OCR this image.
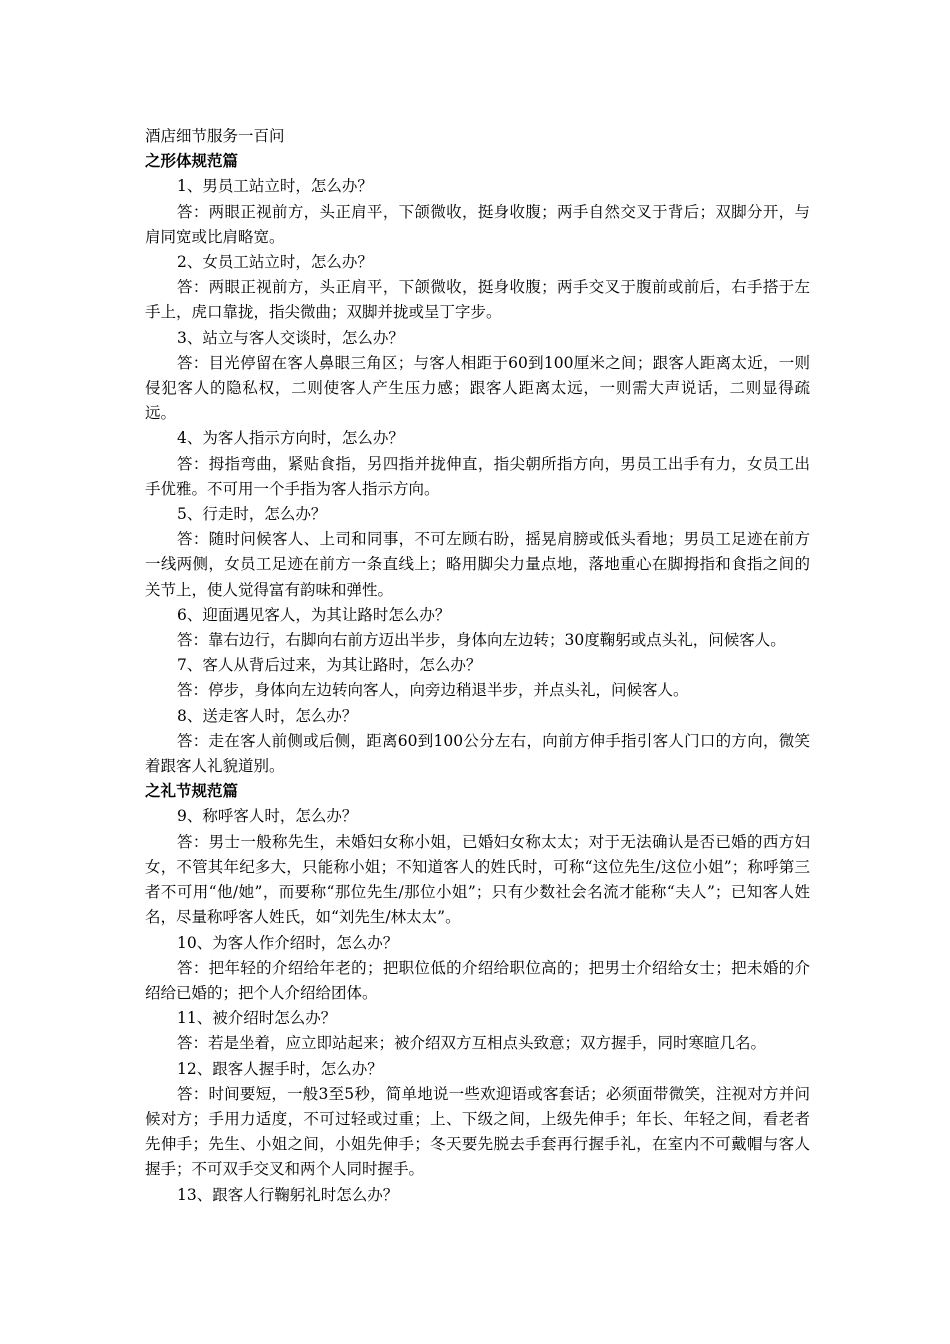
酒店细节服务一百问

之形体规范篇

1、男员工站立时，怎么办？

答：两眼正视前方，头正肩平，下颌微收，挺身收腹；两手自然交叉于背后；双脚分开，与肩同宽或比肩略宽。

2、女员工站立时，怎么办？

答：两眼正视前方，头正肩平，下颌微收，挺身收腹；两手交叉于腹前或前后，右手搭于左手上，虎口靠拢，指尖微曲；双脚并拢或呈丁字步。

3、站立与客人交谈时，怎么办？

答：目光停留在客人鼻眼三角区；与客人相距于60到100厘米之间；跟客人距离太近，一则侵犯客人的隐私权，二则使客人产生压力感；跟客人距离太远，一则需大声说话，二则显得疏远。

4、为客人指示方向时，怎么办？

答：拇指弯曲，紧贴食指，另四指并拢伸直，指尖朝所指方向，男员工出手有力，女员工出手优雅。不可用一个手指为客人指示方向。

5、行走时，怎么办？

答：随时问候客人、上司和同事，不可左顾右盼，摇晃肩膀或低头看地；男员工足迹在前方一线两侧，女员工足迹在前方一条直线上；略用脚尖力量点地，落地重心在脚拇指和食指之间的关节上，使人觉得富有韵味和弹性。

6、迎面遇见客人，为其让路时怎么办？

答：靠右边行，右脚向右前方迈出半步，身体向左边转；30度鞠躬或点头礼，问候客人。

7、客人从背后过来，为其让路时，怎么办？

答：停步，身体向左边转向客人，向旁边稍退半步，并点头礼，问候客人。

8、送走客人时，怎么办？

答：走在客人前侧或后侧，距离60到100公分左右，向前方伸手指引客人门口的方向，微笑着跟客人礼貌道别。

之礼节规范篇

9、称呼客人时，怎么办？

答：男士一般称先生，未婚妇女称小姐，已婚妇女称太太；对于无法确认是否已婚的西方妇女，不管其年纪多大，只能称小姐；不知道客人的姓氏时，可称“这位先生/这位小姐”；称呼第三者不可用“他/她”，而要称“那位先生/那位小姐”；只有少数社会名流才能称“夫人”；已知客人姓名，尽量称呼客人姓氏，如“刘先生/林太太”。

10、为客人作介绍时，怎么办？

答：把年轻的介绍给年老的；把职位低的介绍给职位高的；把男士介绍给女士；把未婚的介绍给已婚的；把个人介绍给团体。

11、被介绍时怎么办？

答：若是坐着，应立即站起来；被介绍双方互相点头致意；双方握手，同时寒暄几名。

12、跟客人握手时，怎么办？

答：时间要短，一般3至5秒，简单地说一些欢迎语或客套话；必须面带微笑，注视对方并问候对方；手用力适度，不可过轻或过重；上、下级之间，上级先伸手；年长、年轻之间，看老者先伸手；先生、小姐之间，小姐先伸手；冬天要先脱去手套再行握手礼，在室内不可戴帽与客人握手；不可双手交叉和两个人同时握手。

13、跟客人行鞠躬礼时怎么办？
